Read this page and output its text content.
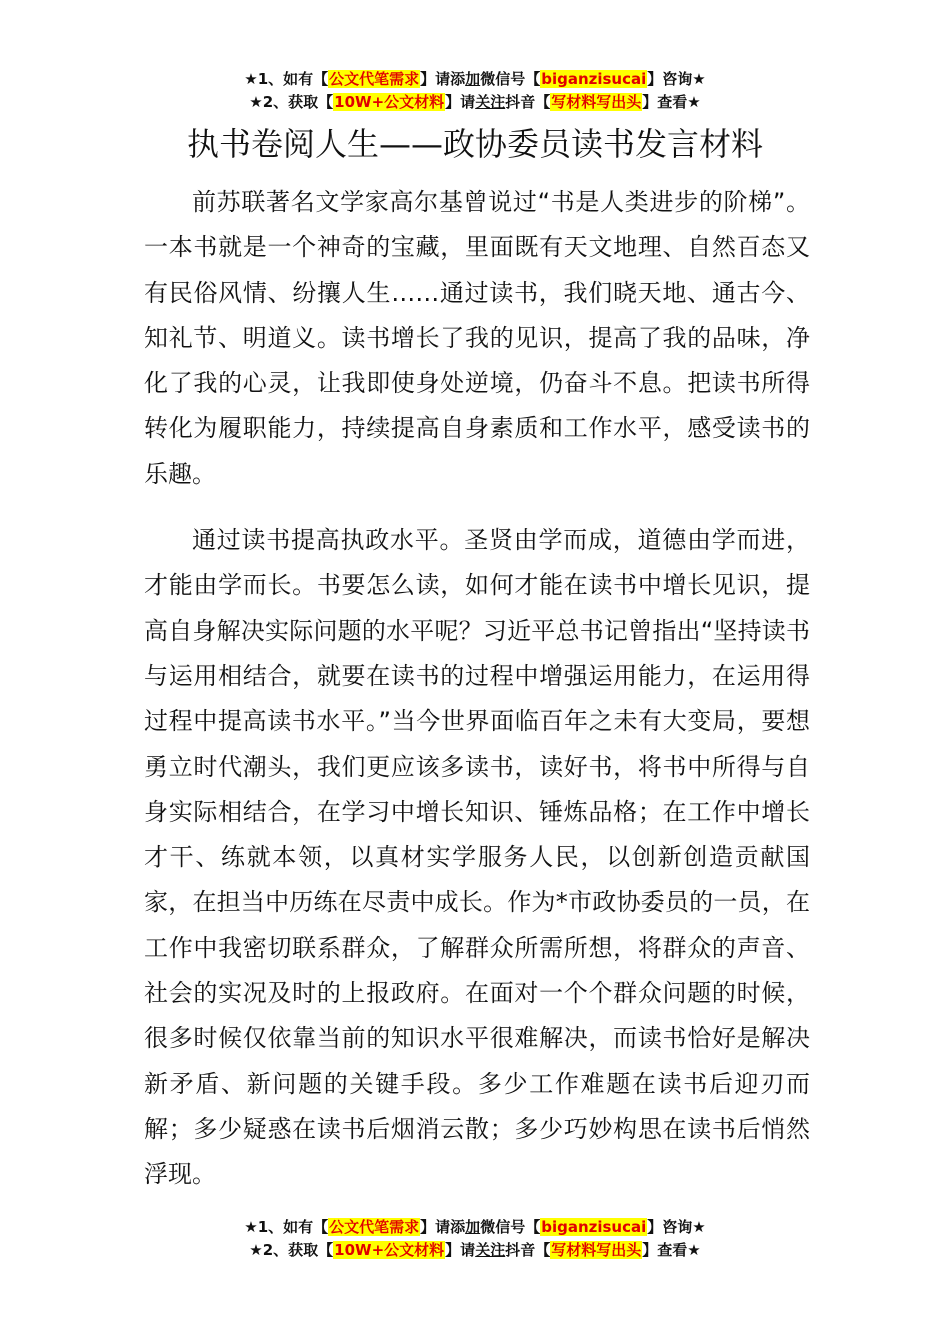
★1、如有【公文代笔需求】请添加微信号【biganzisucai】咨询★
★2、获取【10W+公文材料】请关注抖音【写材料写出头】查看★
执书卷阅人生——政协委员读书发言材料

前苏联著名文学家高尔基曾说过“书是人类进步的阶梯”。一本书就是一个神奇的宝藏，里面既有天文地理、自然百态又有民俗风情、纷攘人生……通过读书，我们晓天地、通古今、知礼节、明道义。读书增长了我的见识，提高了我的品味，净化了我的心灵，让我即使身处逆境，仍奋斗不息。把读书所得转化为履职能力，持续提高自身素质和工作水平，感受读书的乐趣。

通过读书提高执政水平。圣贤由学而成，道德由学而进，才能由学而长。书要怎么读，如何才能在读书中增长见识，提高自身解决实际问题的水平呢？习近平总书记曾指出“坚持读书与运用相结合，就要在读书的过程中增强运用能力，在运用得过程中提高读书水平。”当今世界面临百年之未有大变局，要想勇立时代潮头，我们更应该多读书，读好书，将书中所得与自身实际相结合，在学习中增长知识、锤炼品格；在工作中增长才干、练就本领，以真材实学服务人民，以创新创造贡献国家，在担当中历练在尽责中成长。作为*市政协委员的一员，在工作中我密切联系群众，了解群众所需所想，将群众的声音、社会的实况及时的上报政府。在面对一个个群众问题的时候，很多时候仅依靠当前的知识水平很难解决，而读书恰好是解决新矛盾、新问题的关键手段。多少工作难题在读书后迎刃而解；多少疑惑在读书后烟消云散；多少巧妙构思在读书后悄然浮现。

★1、如有【公文代笔需求】请添加微信号【biganzisucai】咨询★
★2、获取【10W+公文材料】请关注抖音【写材料写出头】查看★
